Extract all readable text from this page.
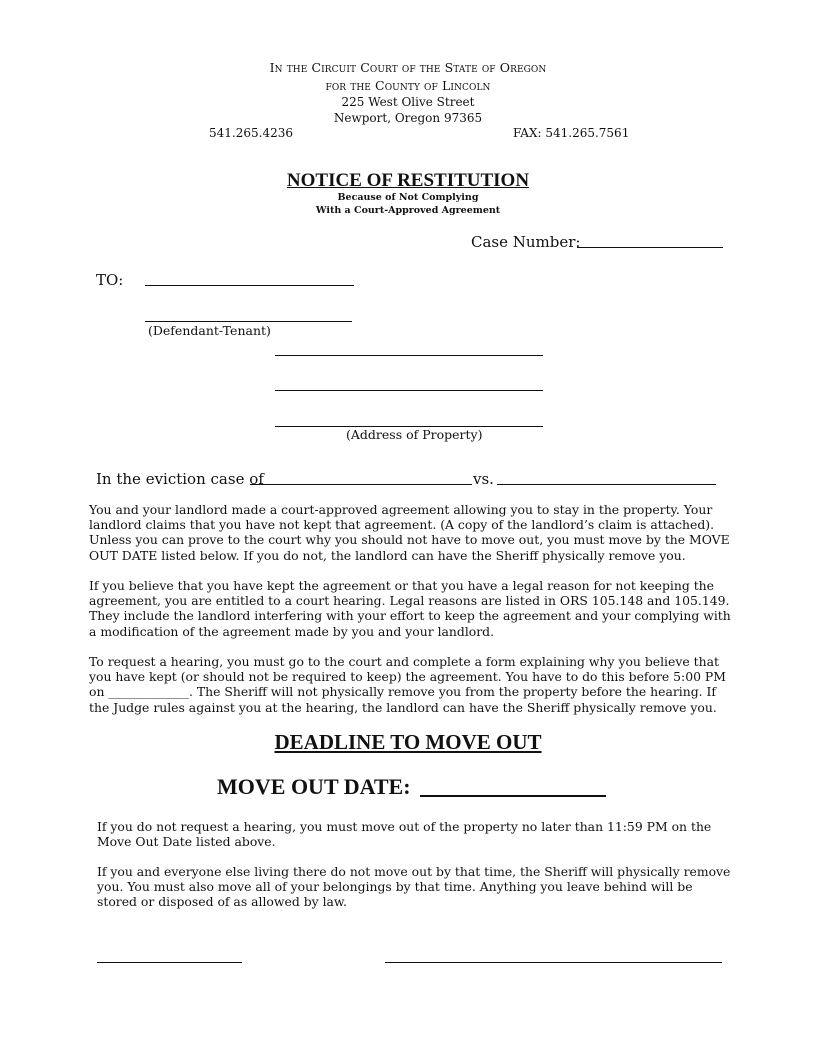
In the Circuit Court of the State of Oregon
for the County of Lincoln
225 West Olive Street
Newport, Oregon 97365
541.265.4236	FAX: 541.265.7561
NOTICE OF RESTITUTION
Because of Not Complying
With a Court-Approved Agreement
Case Number:
TO:
(Defendant-Tenant)
(Address of Property)
In the eviction case of	vs.
You and your landlord made a court-approved agreement allowing you to stay in the property. Your landlord claims that you have not kept that agreement. (A copy of the landlord’s claim is attached). Unless you can prove to the court why you should not have to move out, you must move by the MOVE OUT DATE listed below. If you do not, the landlord can have the Sheriff physically remove you.
If you believe that you have kept the agreement or that you have a legal reason for not keeping the agreement, you are entitled to a court hearing. Legal reasons are listed in ORS 105.148 and 105.149. They include the landlord interfering with your effort to keep the agreement and your complying with a modification of the agreement made by you and your landlord.
To request a hearing, you must go to the court and complete a form explaining why you believe that you have kept (or should not be required to keep) the agreement. You have to do this before 5:00 PM on _____________. The Sheriff will not physically remove you from the property before the hearing. If the Judge rules against you at the hearing, the landlord can have the Sheriff physically remove you.
DEADLINE TO MOVE OUT
MOVE OUT DATE:
If you do not request a hearing, you must move out of the property no later than 11:59 PM on the Move Out Date listed above.
If you and everyone else living there do not move out by that time, the Sheriff will physically remove you. You must also move all of your belongings by that time. Anything you leave behind will be stored or disposed of as allowed by law.
